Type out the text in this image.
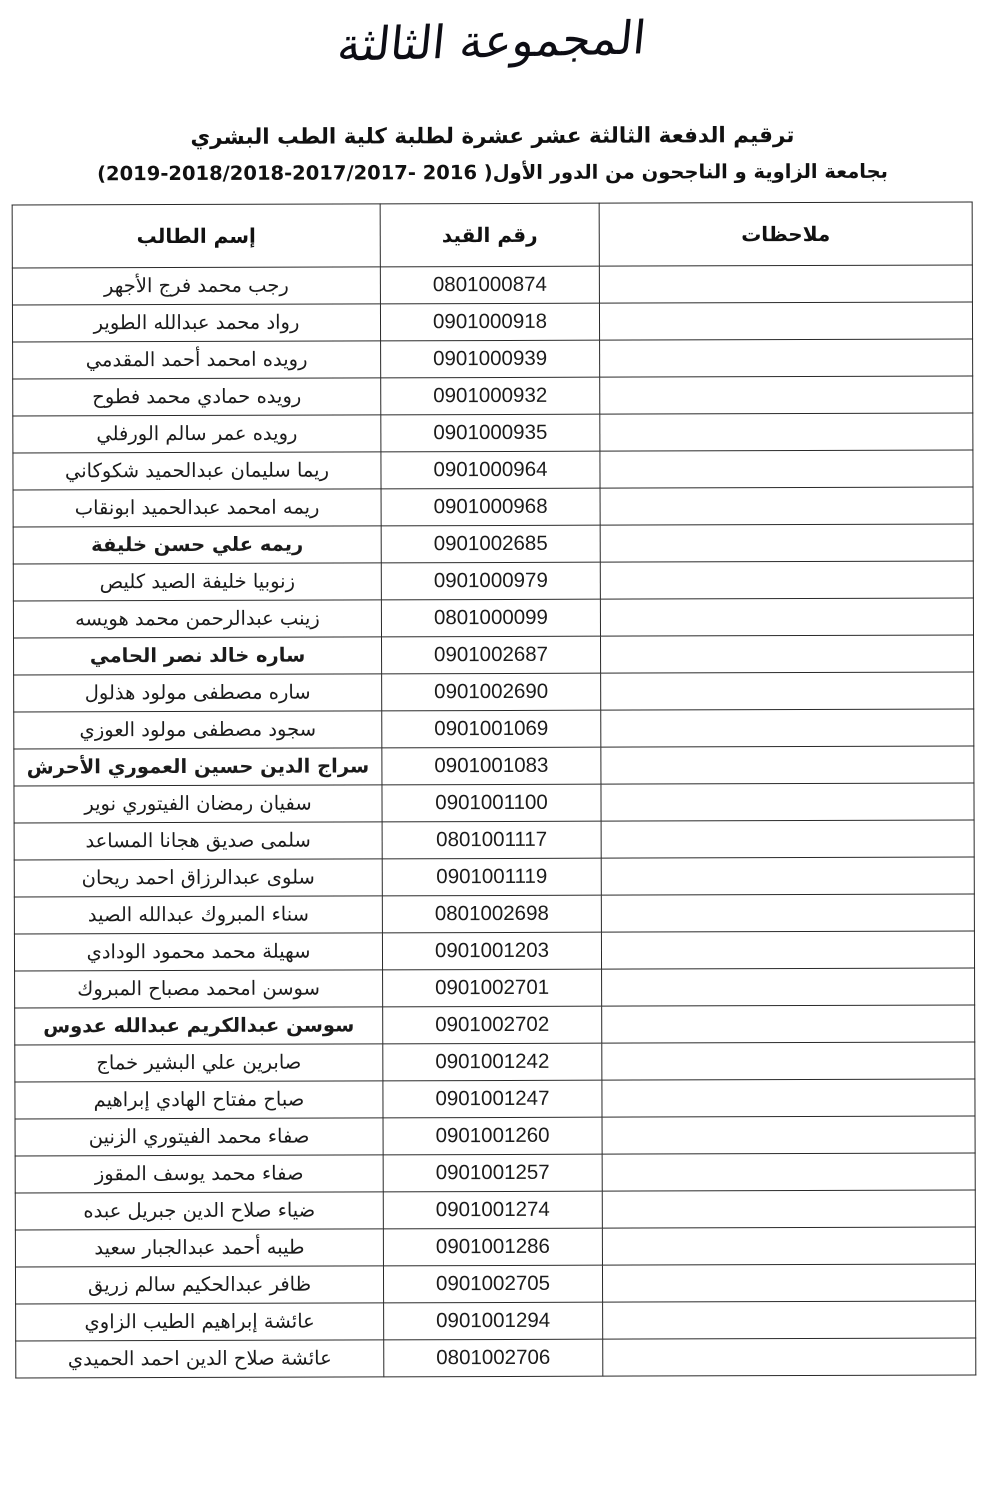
المجموعة الثالثة
ترقيم الدفعة الثالثة عشر عشرة لطلبة كلية الطب البشري
بجامعة الزاوية و الناجحون من الدور الأول( 2016 -2017/2017-2018/2018-2019)
ملاحظات	رقم القيد	إسم الطالب
	0801000874	رجب محمد فرج الأجهر
	0901000918	رواد محمد عبدالله الطوير
	0901000939	رويده امحمد أحمد المقدمي
	0901000932	رويده حمادي محمد فطوح
	0901000935	رويده عمر سالم الورفلي
	0901000964	ريما سليمان عبدالحميد شكوكاني
	0901000968	ريمه امحمد عبدالحميد ابونقاب
	0901002685	ريمه علي حسن خليفة
	0901000979	زنوبيا خليفة الصيد كليص
	0801000099	زينب عبدالرحمن محمد هويسه
	0901002687	ساره خالد نصر الحامي
	0901002690	ساره مصطفى مولود هذلول
	0901001069	سجود مصطفى مولود العوزي
	0901001083	سراج الدين حسين العموري الأحرش
	0901001100	سفيان رمضان الفيتوري نوير
	0801001117	سلمى صديق هجانا المساعد
	0901001119	سلوى عبدالرزاق احمد ريحان
	0801002698	سناء المبروك عبدالله الصيد
	0901001203	سهيلة محمد محمود الودادي
	0901002701	سوسن امحمد مصباح المبروك
	0901002702	سوسن عبدالكريم عبدالله عدوس
	0901001242	صابرين علي البشير خماج
	0901001247	صباح مفتاح الهادي إبراهيم
	0901001260	صفاء محمد الفيتوري الزنين
	0901001257	صفاء محمد يوسف المقوز
	0901001274	ضياء صلاح الدين جبريل عبده
	0901001286	طيبه أحمد عبدالجبار سعيد
	0901002705	ظافر عبدالحكيم سالم زريق
	0901001294	عائشة إبراهيم الطيب الزاوي
	0801002706	عائشة صلاح الدين احمد الحميدي
